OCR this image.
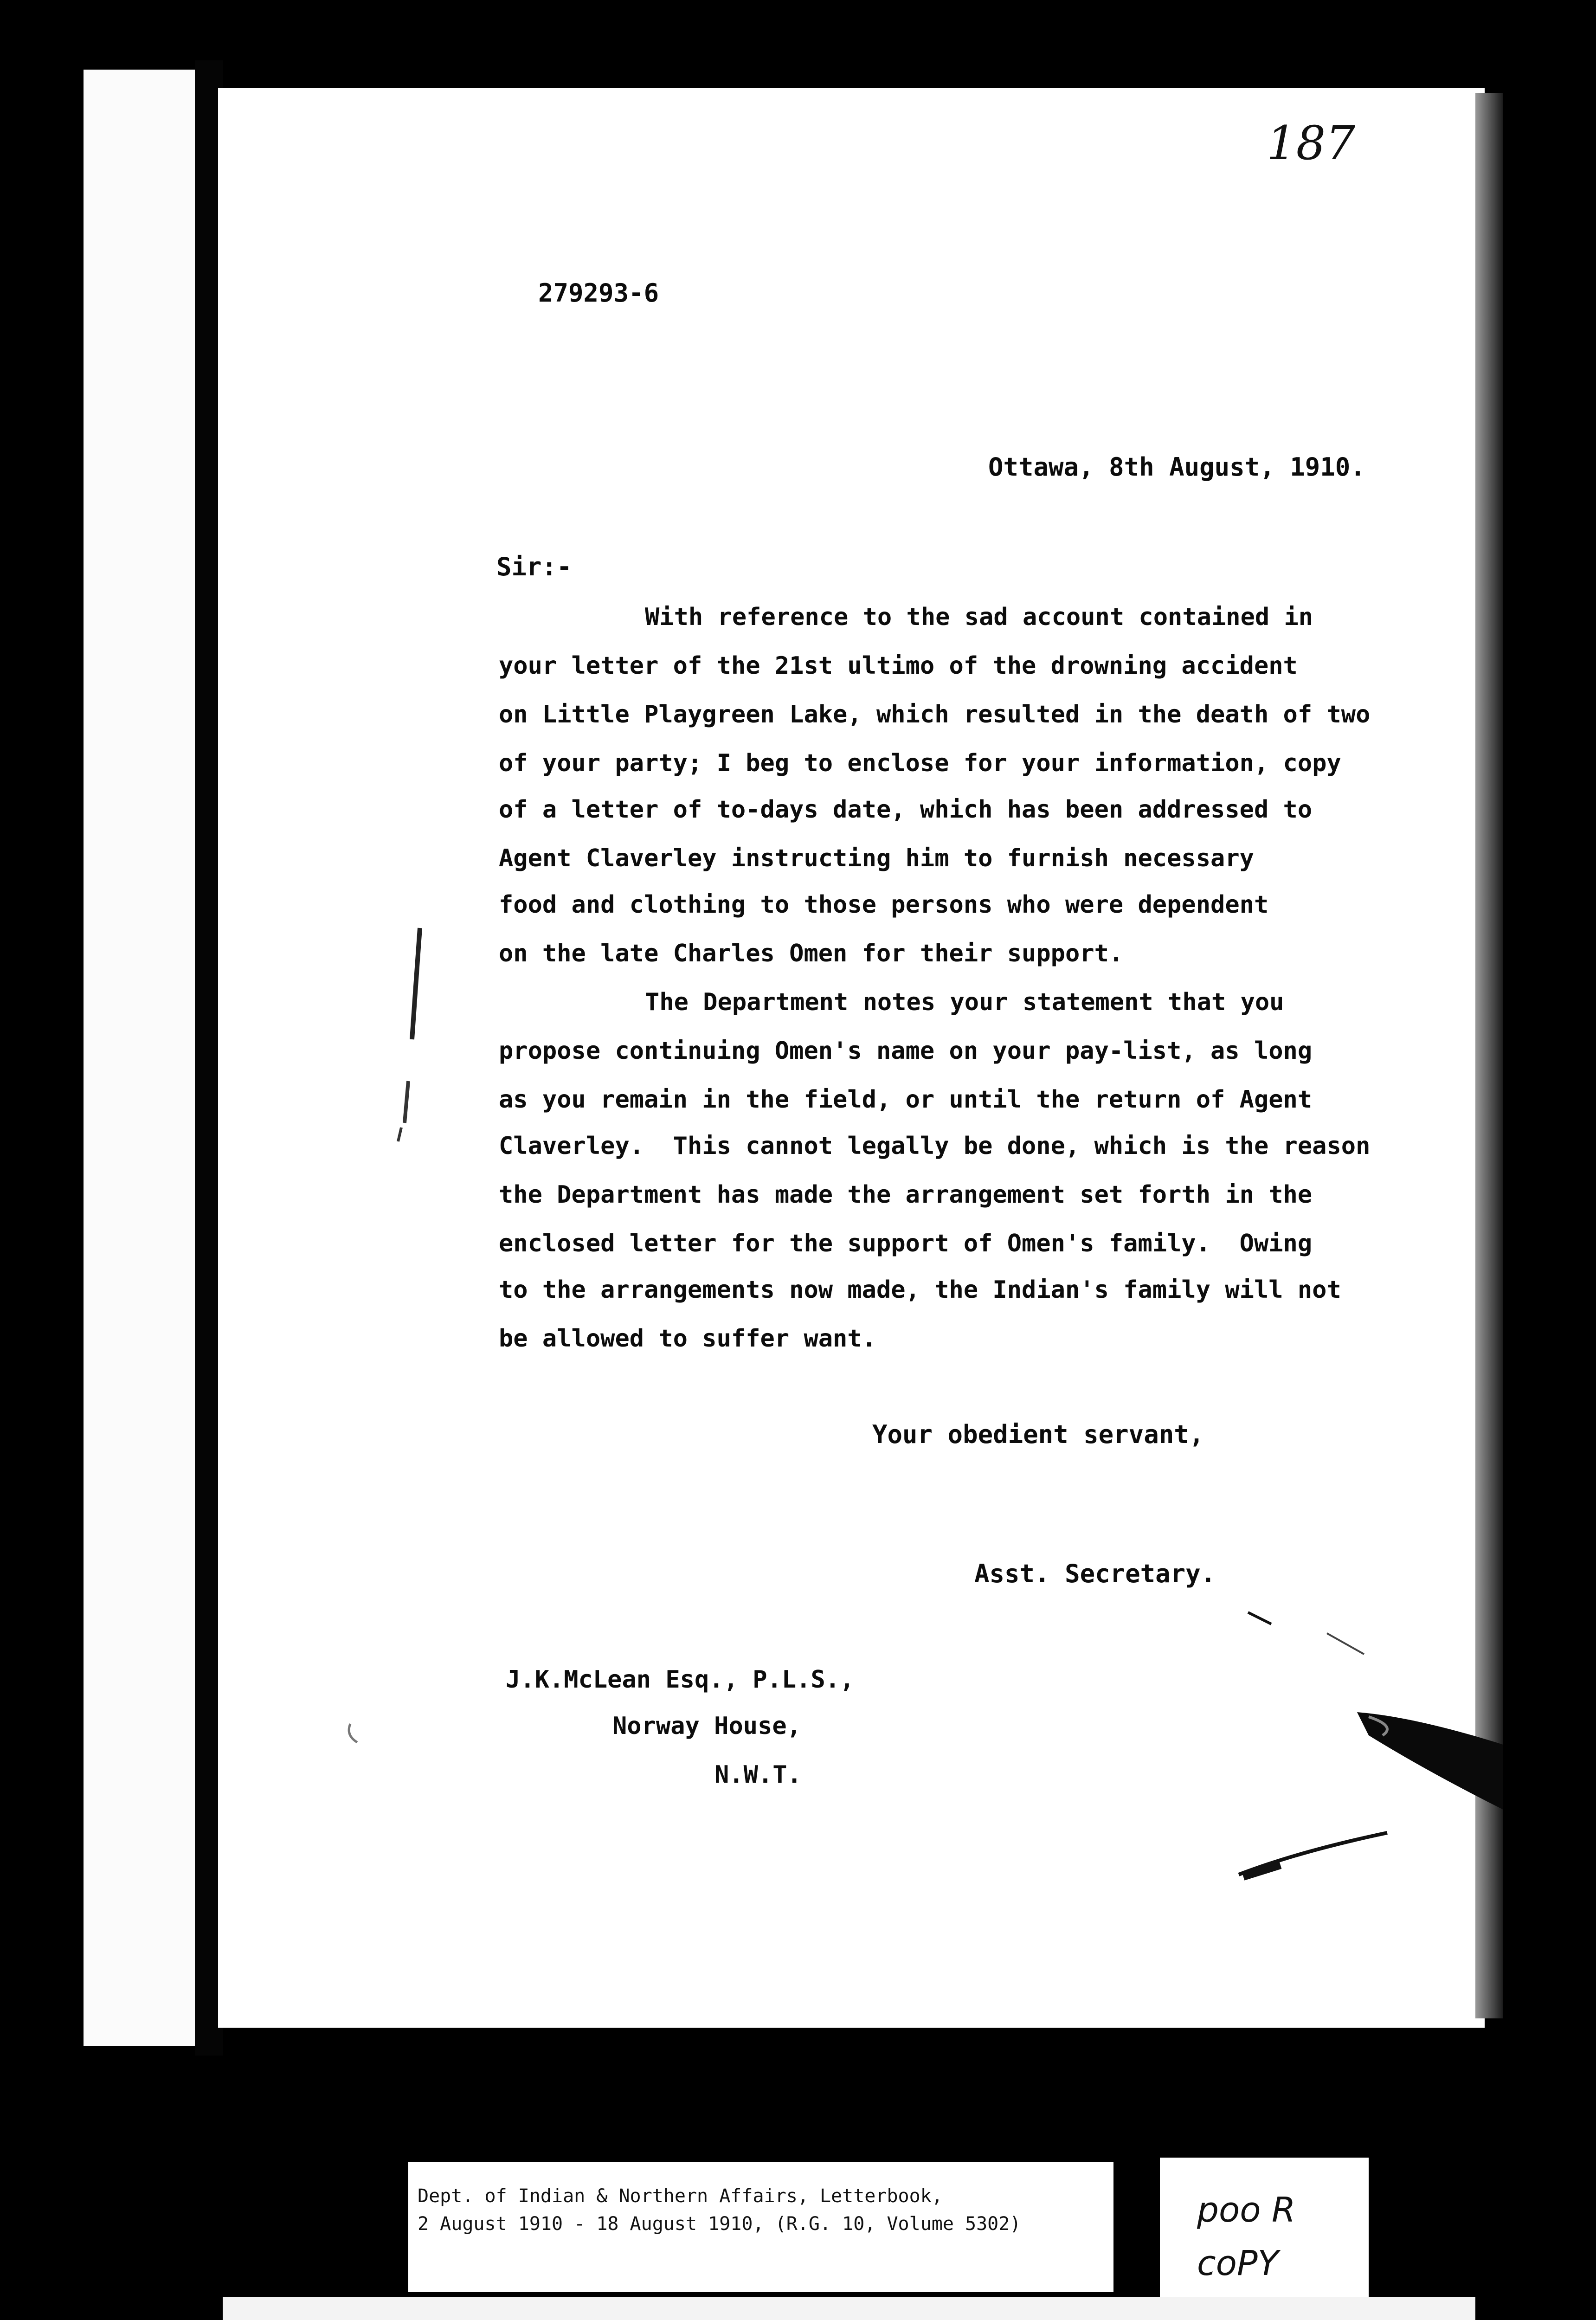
187
279293-6
Ottawa, 8th August, 1910.
Sir:-
With reference to the sad account contained in
your letter of the 21st ultimo of the drowning accident
on Little Playgreen Lake, which resulted in the death of two
of your party; I beg to enclose for your information, copy
of a letter of to-days date, which has been addressed to
Agent Claverley instructing him to furnish necessary
food and clothing to those persons who were dependent
on the late Charles Omen for their support.
The Department notes your statement that you
propose continuing Omen's name on your pay-list, as long
as you remain in the field, or until the return of Agent
Claverley.  This cannot legally be done, which is the reason
the Department has made the arrangement set forth in the
enclosed letter for the support of Omen's family.  Owing
to the arrangements now made, the Indian's family will not
be allowed to suffer want.
Your obedient servant,
Asst. Secretary.
J.K.McLean Esq., P.L.S.,
Norway House,
N.W.T.
Dept. of Indian & Northern Affairs, Letterbook,
2 August 1910 - 18 August 1910, (R.G. 10, Volume 5302)	poo R
coPY
